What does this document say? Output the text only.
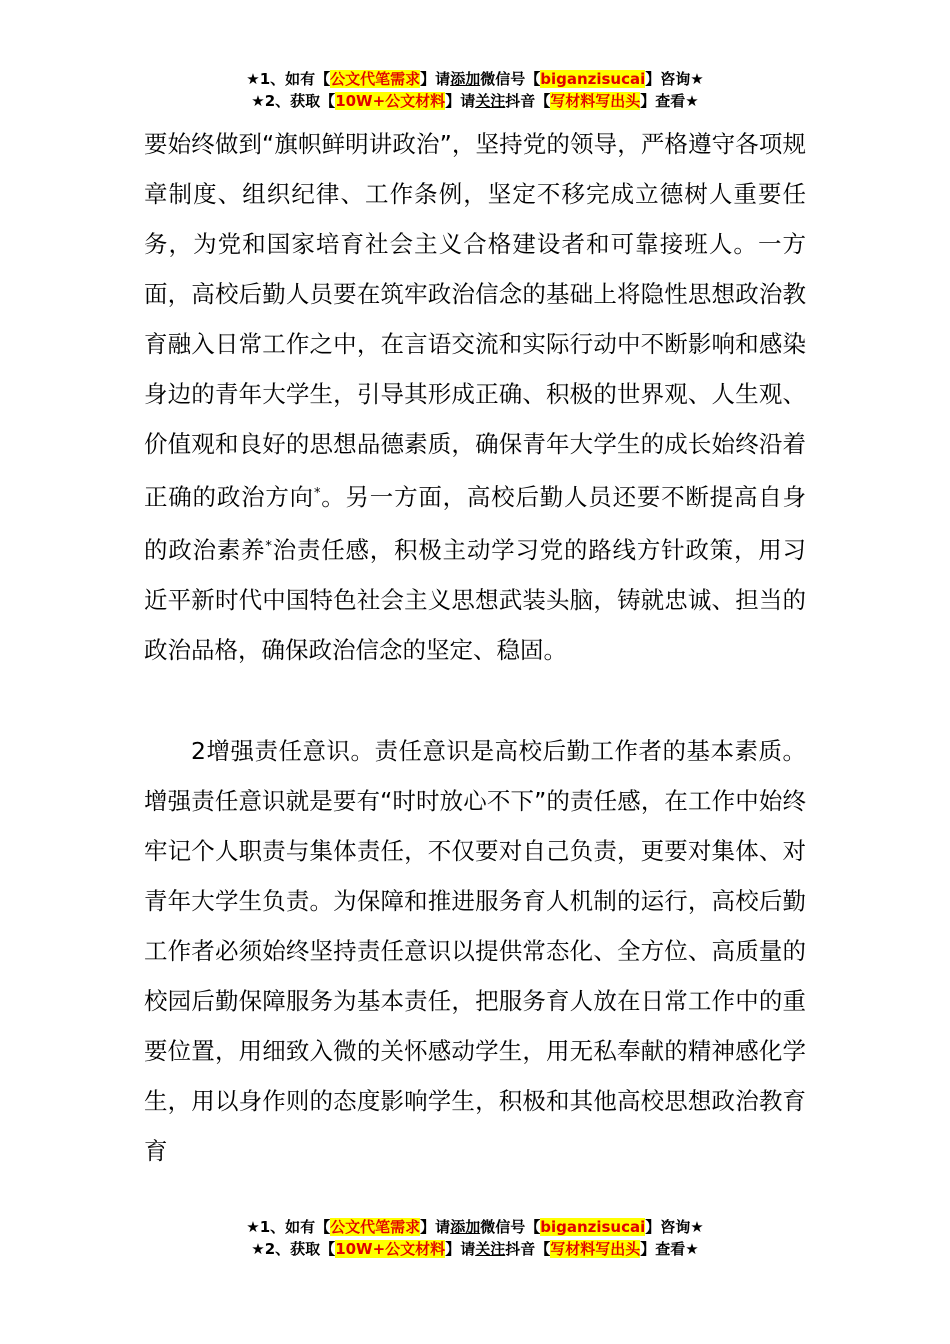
★1、如有【公文代笔需求】请添加微信号【biganzisucai】咨询★
★2、获取【10W+公文材料】请关注抖音【写材料写出头】查看★

要始终做到“旗帜鲜明讲政治”，坚持党的领导，严格遵守各项规章制度、组织纪律、工作条例，坚定不移完成立德树人重要任务，为党和国家培育社会主义合格建设者和可靠接班人。一方面，高校后勤人员要在筑牢政治信念的基础上将隐性思想政治教育融入日常工作之中，在言语交流和实际行动中不断影响和感染身边的青年大学生，引导其形成正确、积极的世界观、人生观、价值观和良好的思想品德素质，确保青年大学生的成长始终沿着正确的政治方向*。另一方面，高校后勤人员还要不断提高自身的政治素养*治责任感，积极主动学习党的路线方针政策，用习近平新时代中国特色社会主义思想武装头脑，铸就忠诚、担当的政治品格，确保政治信念的坚定、稳固。

2增强责任意识。责任意识是高校后勤工作者的基本素质。增强责任意识就是要有“时时放心不下”的责任感，在工作中始终牢记个人职责与集体责任，不仅要对自己负责，更要对集体、对青年大学生负责。为保障和推进服务育人机制的运行，高校后勤工作者必须始终坚持责任意识以提供常态化、全方位、高质量的校园后勤保障服务为基本责任，把服务育人放在日常工作中的重要位置，用细致入微的关怀感动学生，用无私奉献的精神感化学生，用以身作则的态度影响学生，积极和其他高校思想政治教育育

★1、如有【公文代笔需求】请添加微信号【biganzisucai】咨询★
★2、获取【10W+公文材料】请关注抖音【写材料写出头】查看★
